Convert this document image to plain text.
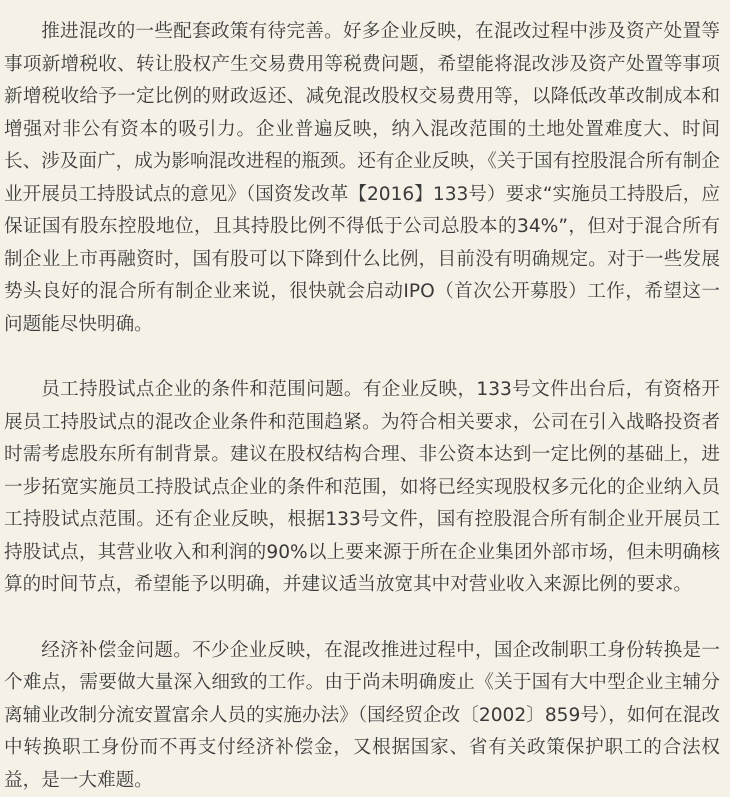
推进混改的一些配套政策有待完善。好多企业反映，在混改过程中涉及资产处置等事项新增税收、转让股权产生交易费用等税费问题，希望能将混改涉及资产处置等事项新增税收给予一定比例的财政返还、减免混改股权交易费用等，以降低改革改制成本和增强对非公有资本的吸引力。企业普遍反映，纳入混改范围的土地处置难度大、时间长、涉及面广，成为影响混改进程的瓶颈。还有企业反映，《关于国有控股混合所有制企业开展员工持股试点的意见》（国资发改革【2016】133号）要求“实施员工持股后，应保证国有股东控股地位，且其持股比例不得低于公司总股本的34%”，但对于混合所有制企业上市再融资时，国有股可以下降到什么比例，目前没有明确规定。对于一些发展势头良好的混合所有制企业来说，很快就会启动IPO（首次公开募股）工作，希望这一问题能尽快明确。

员工持股试点企业的条件和范围问题。有企业反映，133号文件出台后，有资格开展员工持股试点的混改企业条件和范围趋紧。为符合相关要求，公司在引入战略投资者时需考虑股东所有制背景。建议在股权结构合理、非公资本达到一定比例的基础上，进一步拓宽实施员工持股试点企业的条件和范围，如将已经实现股权多元化的企业纳入员工持股试点范围。还有企业反映，根据133号文件，国有控股混合所有制企业开展员工持股试点，其营业收入和利润的90%以上要来源于所在企业集团外部市场，但未明确核算的时间节点，希望能予以明确，并建议适当放宽其中对营业收入来源比例的要求。

经济补偿金问题。不少企业反映，在混改推进过程中，国企改制职工身份转换是一个难点，需要做大量深入细致的工作。由于尚未明确废止《关于国有大中型企业主辅分离辅业改制分流安置富余人员的实施办法》（国经贸企改〔2002〕859号），如何在混改中转换职工身份而不再支付经济补偿金，又根据国家、省有关政策保护职工的合法权益，是一大难题。
